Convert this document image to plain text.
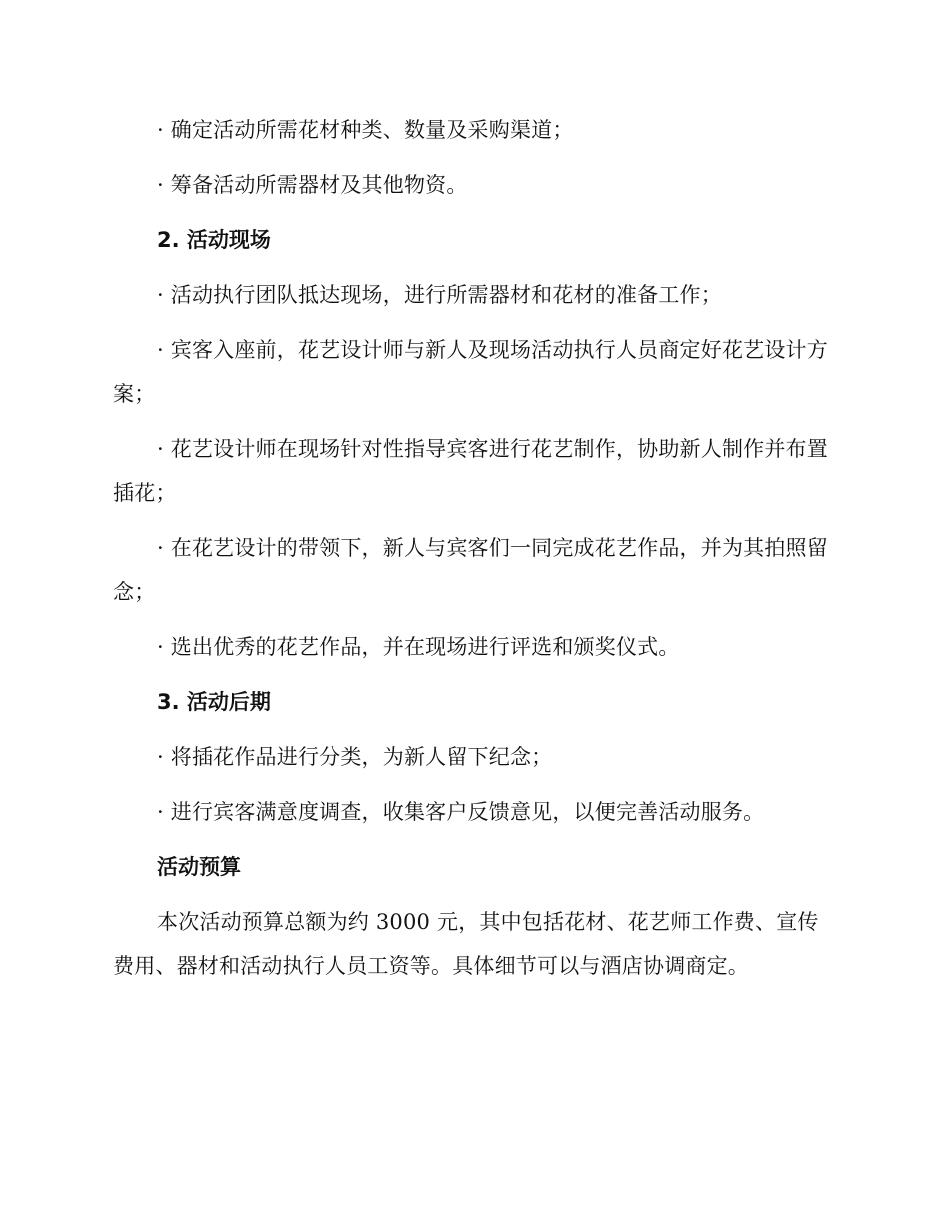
· 确定活动所需花材种类、数量及采购渠道；

· 筹备活动所需器材及其他物资。

2. 活动现场

· 活动执行团队抵达现场，进行所需器材和花材的准备工作；

· 宾客入座前，花艺设计师与新人及现场活动执行人员商定好花艺设计方案；

· 花艺设计师在现场针对性指导宾客进行花艺制作，协助新人制作并布置插花；

· 在花艺设计的带领下，新人与宾客们一同完成花艺作品，并为其拍照留念；

· 选出优秀的花艺作品，并在现场进行评选和颁奖仪式。

3. 活动后期

· 将插花作品进行分类，为新人留下纪念；

· 进行宾客满意度调查，收集客户反馈意见，以便完善活动服务。

活动预算

本次活动预算总额为约 3000 元，其中包括花材、花艺师工作费、宣传费用、器材和活动执行人员工资等。具体细节可以与酒店协调商定。
